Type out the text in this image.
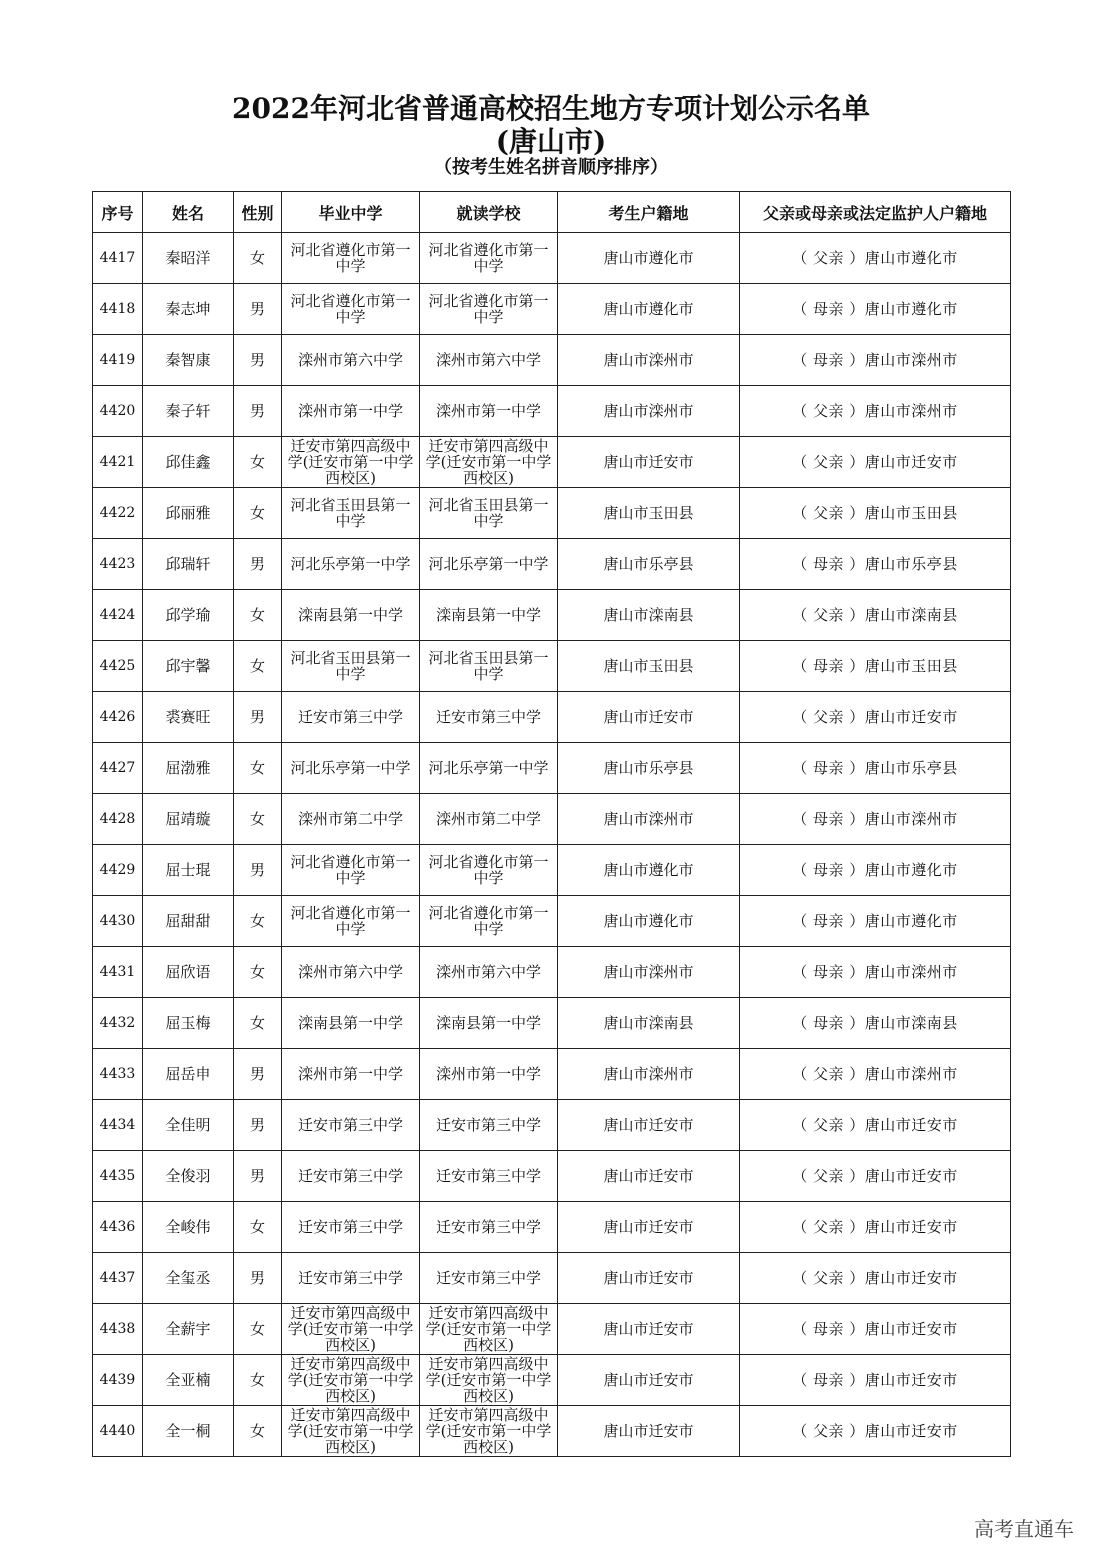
2022年河北省普通高校招生地方专项计划公示名单
(唐山市)
（按考生姓名拼音顺序排序）
序号	姓名	性别	毕业中学	就读学校	考生户籍地	父亲或母亲或法定监护人户籍地
4417	秦昭洋	女	河北省遵化市第一中学	河北省遵化市第一中学	唐山市遵化市	（ 父亲 ）唐山市遵化市
4418	秦志坤	男	河北省遵化市第一中学	河北省遵化市第一中学	唐山市遵化市	（ 母亲 ）唐山市遵化市
4419	秦智康	男	滦州市第六中学	滦州市第六中学	唐山市滦州市	（ 母亲 ）唐山市滦州市
4420	秦子轩	男	滦州市第一中学	滦州市第一中学	唐山市滦州市	（ 父亲 ）唐山市滦州市
4421	邱佳鑫	女	迁安市第四高级中学(迁安市第一中学西校区)	迁安市第四高级中学(迁安市第一中学西校区)	唐山市迁安市	（ 父亲 ）唐山市迁安市
4422	邱丽雅	女	河北省玉田县第一中学	河北省玉田县第一中学	唐山市玉田县	（ 父亲 ）唐山市玉田县
4423	邱瑞轩	男	河北乐亭第一中学	河北乐亭第一中学	唐山市乐亭县	（ 母亲 ）唐山市乐亭县
4424	邱学瑜	女	滦南县第一中学	滦南县第一中学	唐山市滦南县	（ 父亲 ）唐山市滦南县
4425	邱宇馨	女	河北省玉田县第一中学	河北省玉田县第一中学	唐山市玉田县	（ 母亲 ）唐山市玉田县
4426	裘赛旺	男	迁安市第三中学	迁安市第三中学	唐山市迁安市	（ 父亲 ）唐山市迁安市
4427	屈渤雅	女	河北乐亭第一中学	河北乐亭第一中学	唐山市乐亭县	（ 母亲 ）唐山市乐亭县
4428	屈靖璇	女	滦州市第二中学	滦州市第二中学	唐山市滦州市	（ 母亲 ）唐山市滦州市
4429	屈士琨	男	河北省遵化市第一中学	河北省遵化市第一中学	唐山市遵化市	（ 母亲 ）唐山市遵化市
4430	屈甜甜	女	河北省遵化市第一中学	河北省遵化市第一中学	唐山市遵化市	（ 母亲 ）唐山市遵化市
4431	屈欣语	女	滦州市第六中学	滦州市第六中学	唐山市滦州市	（ 母亲 ）唐山市滦州市
4432	屈玉梅	女	滦南县第一中学	滦南县第一中学	唐山市滦南县	（ 母亲 ）唐山市滦南县
4433	屈岳申	男	滦州市第一中学	滦州市第一中学	唐山市滦州市	（ 父亲 ）唐山市滦州市
4434	全佳明	男	迁安市第三中学	迁安市第三中学	唐山市迁安市	（ 父亲 ）唐山市迁安市
4435	全俊羽	男	迁安市第三中学	迁安市第三中学	唐山市迁安市	（ 父亲 ）唐山市迁安市
4436	全峻伟	女	迁安市第三中学	迁安市第三中学	唐山市迁安市	（ 父亲 ）唐山市迁安市
4437	全玺丞	男	迁安市第三中学	迁安市第三中学	唐山市迁安市	（ 父亲 ）唐山市迁安市
4438	全薪宇	女	迁安市第四高级中学(迁安市第一中学西校区)	迁安市第四高级中学(迁安市第一中学西校区)	唐山市迁安市	（ 母亲 ）唐山市迁安市
4439	全亚楠	女	迁安市第四高级中学(迁安市第一中学西校区)	迁安市第四高级中学(迁安市第一中学西校区)	唐山市迁安市	（ 母亲 ）唐山市迁安市
4440	全一桐	女	迁安市第四高级中学(迁安市第一中学西校区)	迁安市第四高级中学(迁安市第一中学西校区)	唐山市迁安市	（ 父亲 ）唐山市迁安市
高考直通车
